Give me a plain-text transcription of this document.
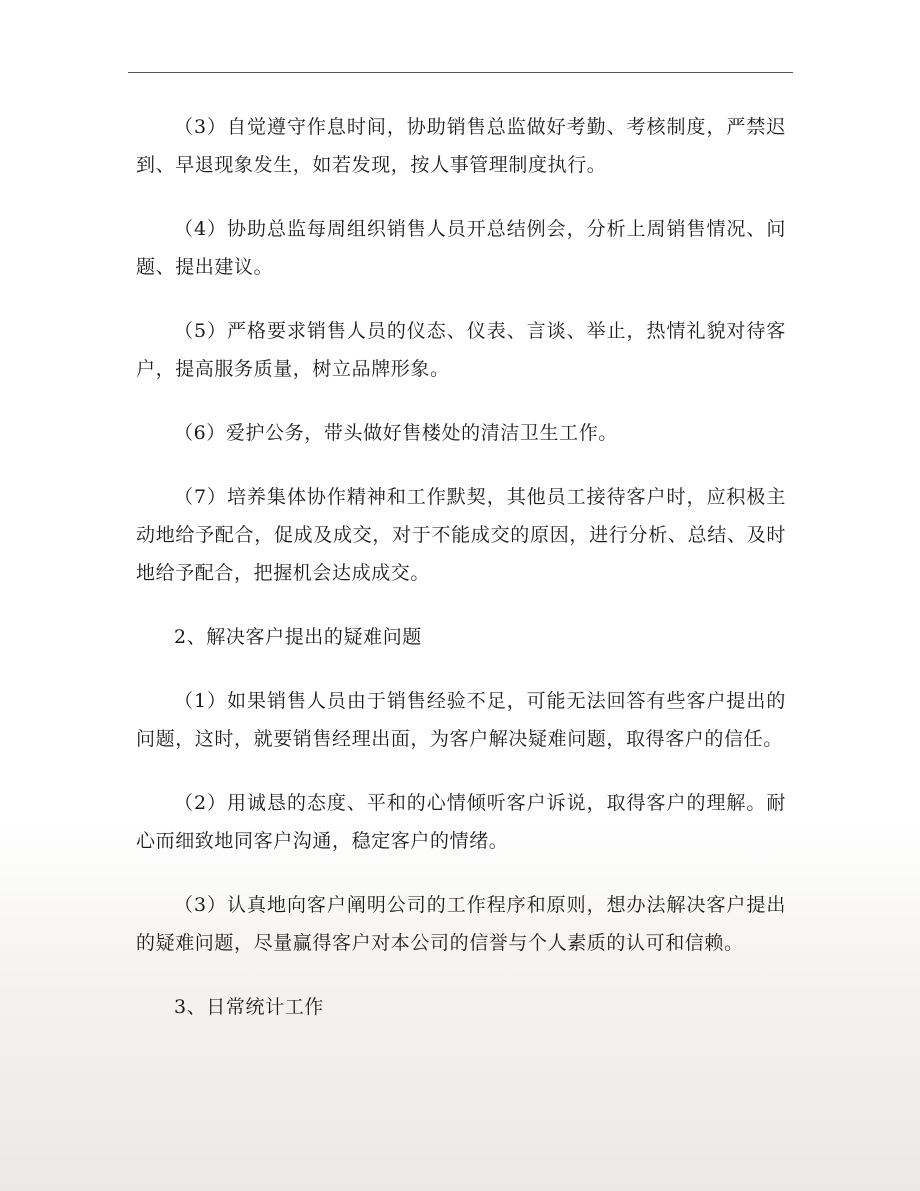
（3）自觉遵守作息时间，协助销售总监做好考勤、考核制度，严禁迟到、早退现象发生，如若发现，按人事管理制度执行。

（4）协助总监每周组织销售人员开总结例会，分析上周销售情况、问题、提出建议。

（5）严格要求销售人员的仪态、仪表、言谈、举止，热情礼貌对待客户，提高服务质量，树立品牌形象。

（6）爱护公务，带头做好售楼处的清洁卫生工作。

（7）培养集体协作精神和工作默契，其他员工接待客户时，应积极主动地给予配合，促成及成交，对于不能成交的原因，进行分析、总结、及时地给予配合，把握机会达成成交。

2、解决客户提出的疑难问题

（1）如果销售人员由于销售经验不足，可能无法回答有些客户提出的问题，这时，就要销售经理出面，为客户解决疑难问题，取得客户的信任。

（2）用诚恳的态度、平和的心情倾听客户诉说，取得客户的理解。耐心而细致地同客户沟通，稳定客户的情绪。

（3）认真地向客户阐明公司的工作程序和原则，想办法解决客户提出的疑难问题，尽量赢得客户对本公司的信誉与个人素质的认可和信赖。

3、日常统计工作
